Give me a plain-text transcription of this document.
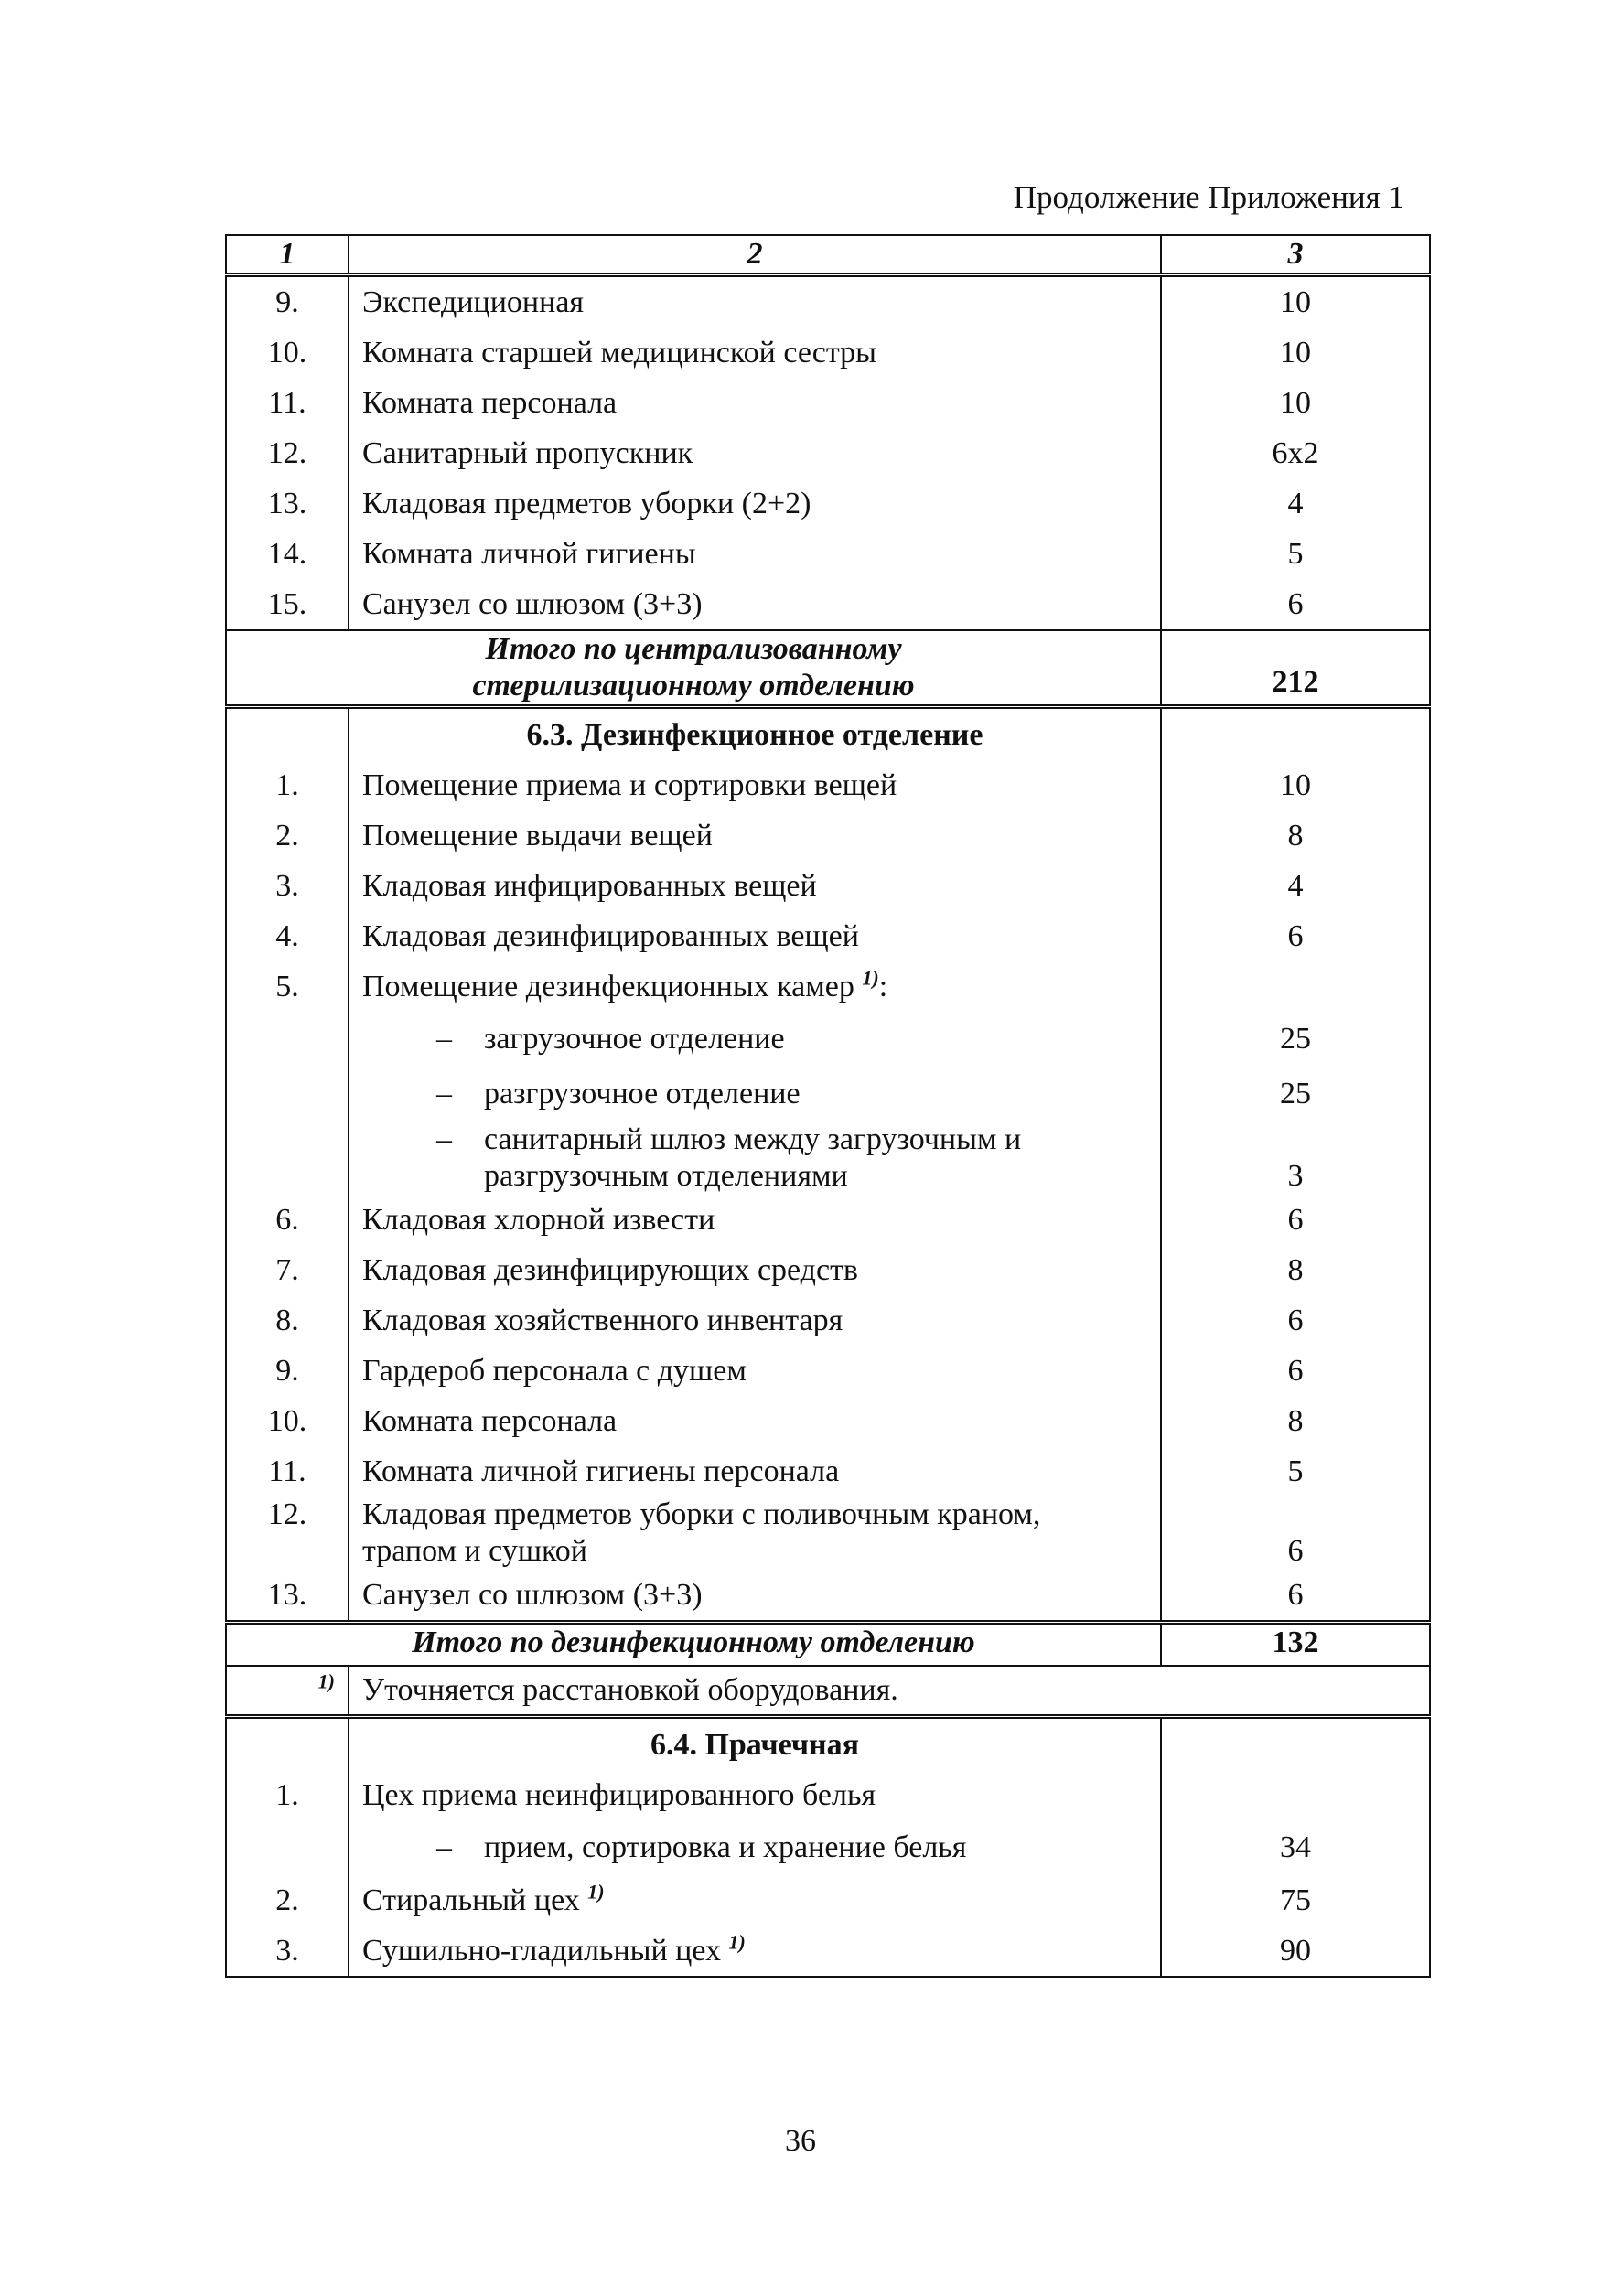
Продолжение Приложения 1
1	2	3
9.	Экспедиционная	10
10.	Комната старшей медицинской сестры	10
11.	Комната персонала	10
12.	Санитарный пропускник	6x2
13.	Кладовая предметов уборки (2+2)	4
14.	Комната личной гигиены	5
15.	Санузел со шлюзом (3+3)	6

Итого по централизованному
стерилизационному отделению		212
	6.3. Дезинфекционное отделение	
1.	Помещение приема и сортировки вещей	10
2.	Помещение выдачи вещей	8
3.	Кладовая инфицированных вещей	4
4.	Кладовая дезинфицированных вещей	6
5.	Помещение дезинфекционных камер $^{1)}$:	
	– загрузочное отделение	25
	– разгрузочное отделение	25
	– санитарный шлюз между загрузочным и
разгрузочным отделениями	3
6.	Кладовая хлорной извести	6
7.	Кладовая дезинфицирующих средств	8
8.	Кладовая хозяйственного инвентаря	6
9.	Гардероб персонала с душем	6
10.	Комната персонала	8
11.	Комната личной гигиены персонала	5
12.	Кладовая предметов уборки с поливочным краном,
трапом и сушкой	6
13.	Санузел со шлюзом (3+3)	6
Итого по дезинфекционному отделению		132
$^{1)}$	Уточняется расстановкой оборудования.	
	6.4. Прачечная	
1.	Цех приема неинфицированного белья	
	– прием, сортировка и хранение белья	34
2.	Стиральный цех $^{1)}$	75
3.	Сушильно-гладильный цех $^{1)}$	90
36
